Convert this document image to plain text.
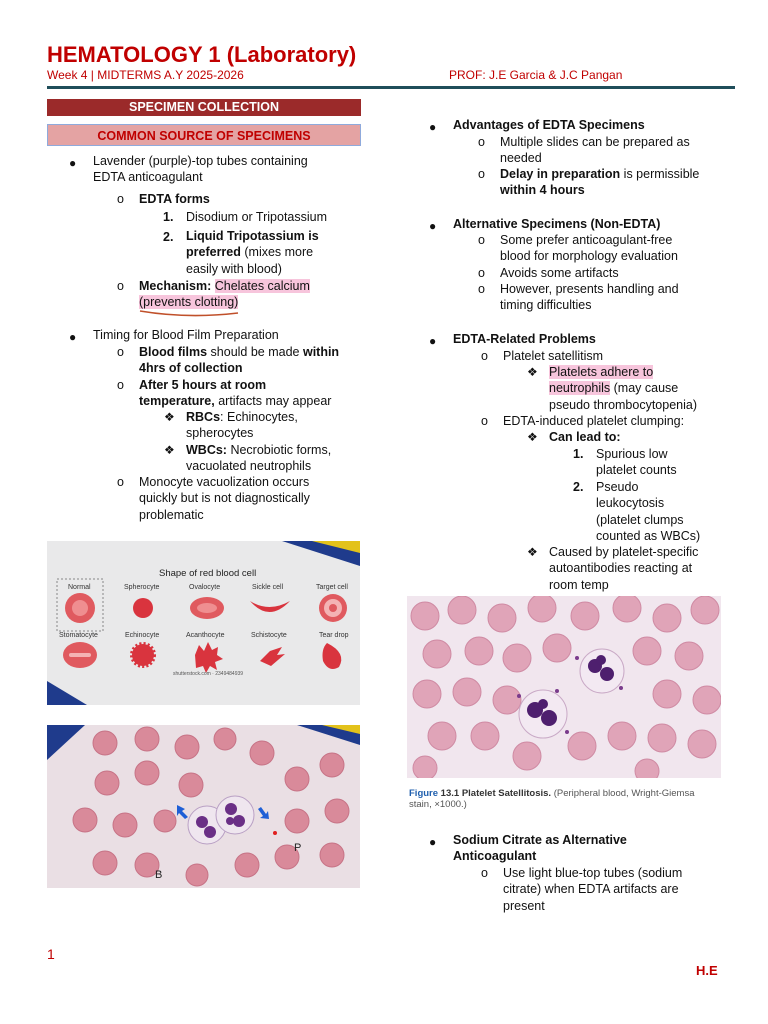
HEMATOLOGY 1 (Laboratory)
Week 4 | MIDTERMS A.Y 2025-2026	PROF: J.E Garcia & J.C Pangan
SPECIMEN COLLECTION
COMMON SOURCE OF SPECIMENS
● Lavender (purple)-top tubes containing
EDTA anticoagulant
o EDTA forms
1. Disodium or Tripotassium
2. Liquid Tripotassium is
preferred (mixes more
easily with blood)
o Mechanism: Chelates calcium
(prevents clotting)
● Timing for Blood Film Preparation
o Blood films should be made within
4hrs of collection
o After 5 hours at room
temperature, artifacts may appear
❖ RBCs: Echinocytes,
spherocytes
❖ WBCs: Necrobiotic forms,
vacuolated neutrophils
o Monocyte vacuolization occurs
quickly but is not diagnostically
problematic
Shape of red blood cell
Normal	Spherocyte	Ovalocyte	Sickle cell	Target cell
Stomatocyte	Echinocyte	Acanthocyte	Schistocyte	Tear drop
shutterstock.com · 2349484939
B
P
● Advantages of EDTA Specimens
o Multiple slides can be prepared as
needed
o Delay in preparation is permissible
within 4 hours
● Alternative Specimens (Non-EDTA)
o Some prefer anticoagulant-free
blood for morphology evaluation
o Avoids some artifacts
o However, presents handling and
timing difficulties
● EDTA-Related Problems
o Platelet satellitism
❖ Platelets adhere to
neutrophils (may cause
pseudo thrombocytopenia)
o EDTA-induced platelet clumping:
❖ Can lead to:
1. Spurious low
platelet counts
2. Pseudo
leukocytosis
(platelet clumps
counted as WBCs)
❖ Caused by platelet-specific
autoantibodies reacting at
room temp
Figure 13.1 Platelet Satellitosis. (Peripheral blood, Wright-Giemsa
stain, ×1000.)
● Sodium Citrate as Alternative
Anticoagulant
o Use light blue-top tubes (sodium
citrate) when EDTA artifacts are
present
1
H.E
